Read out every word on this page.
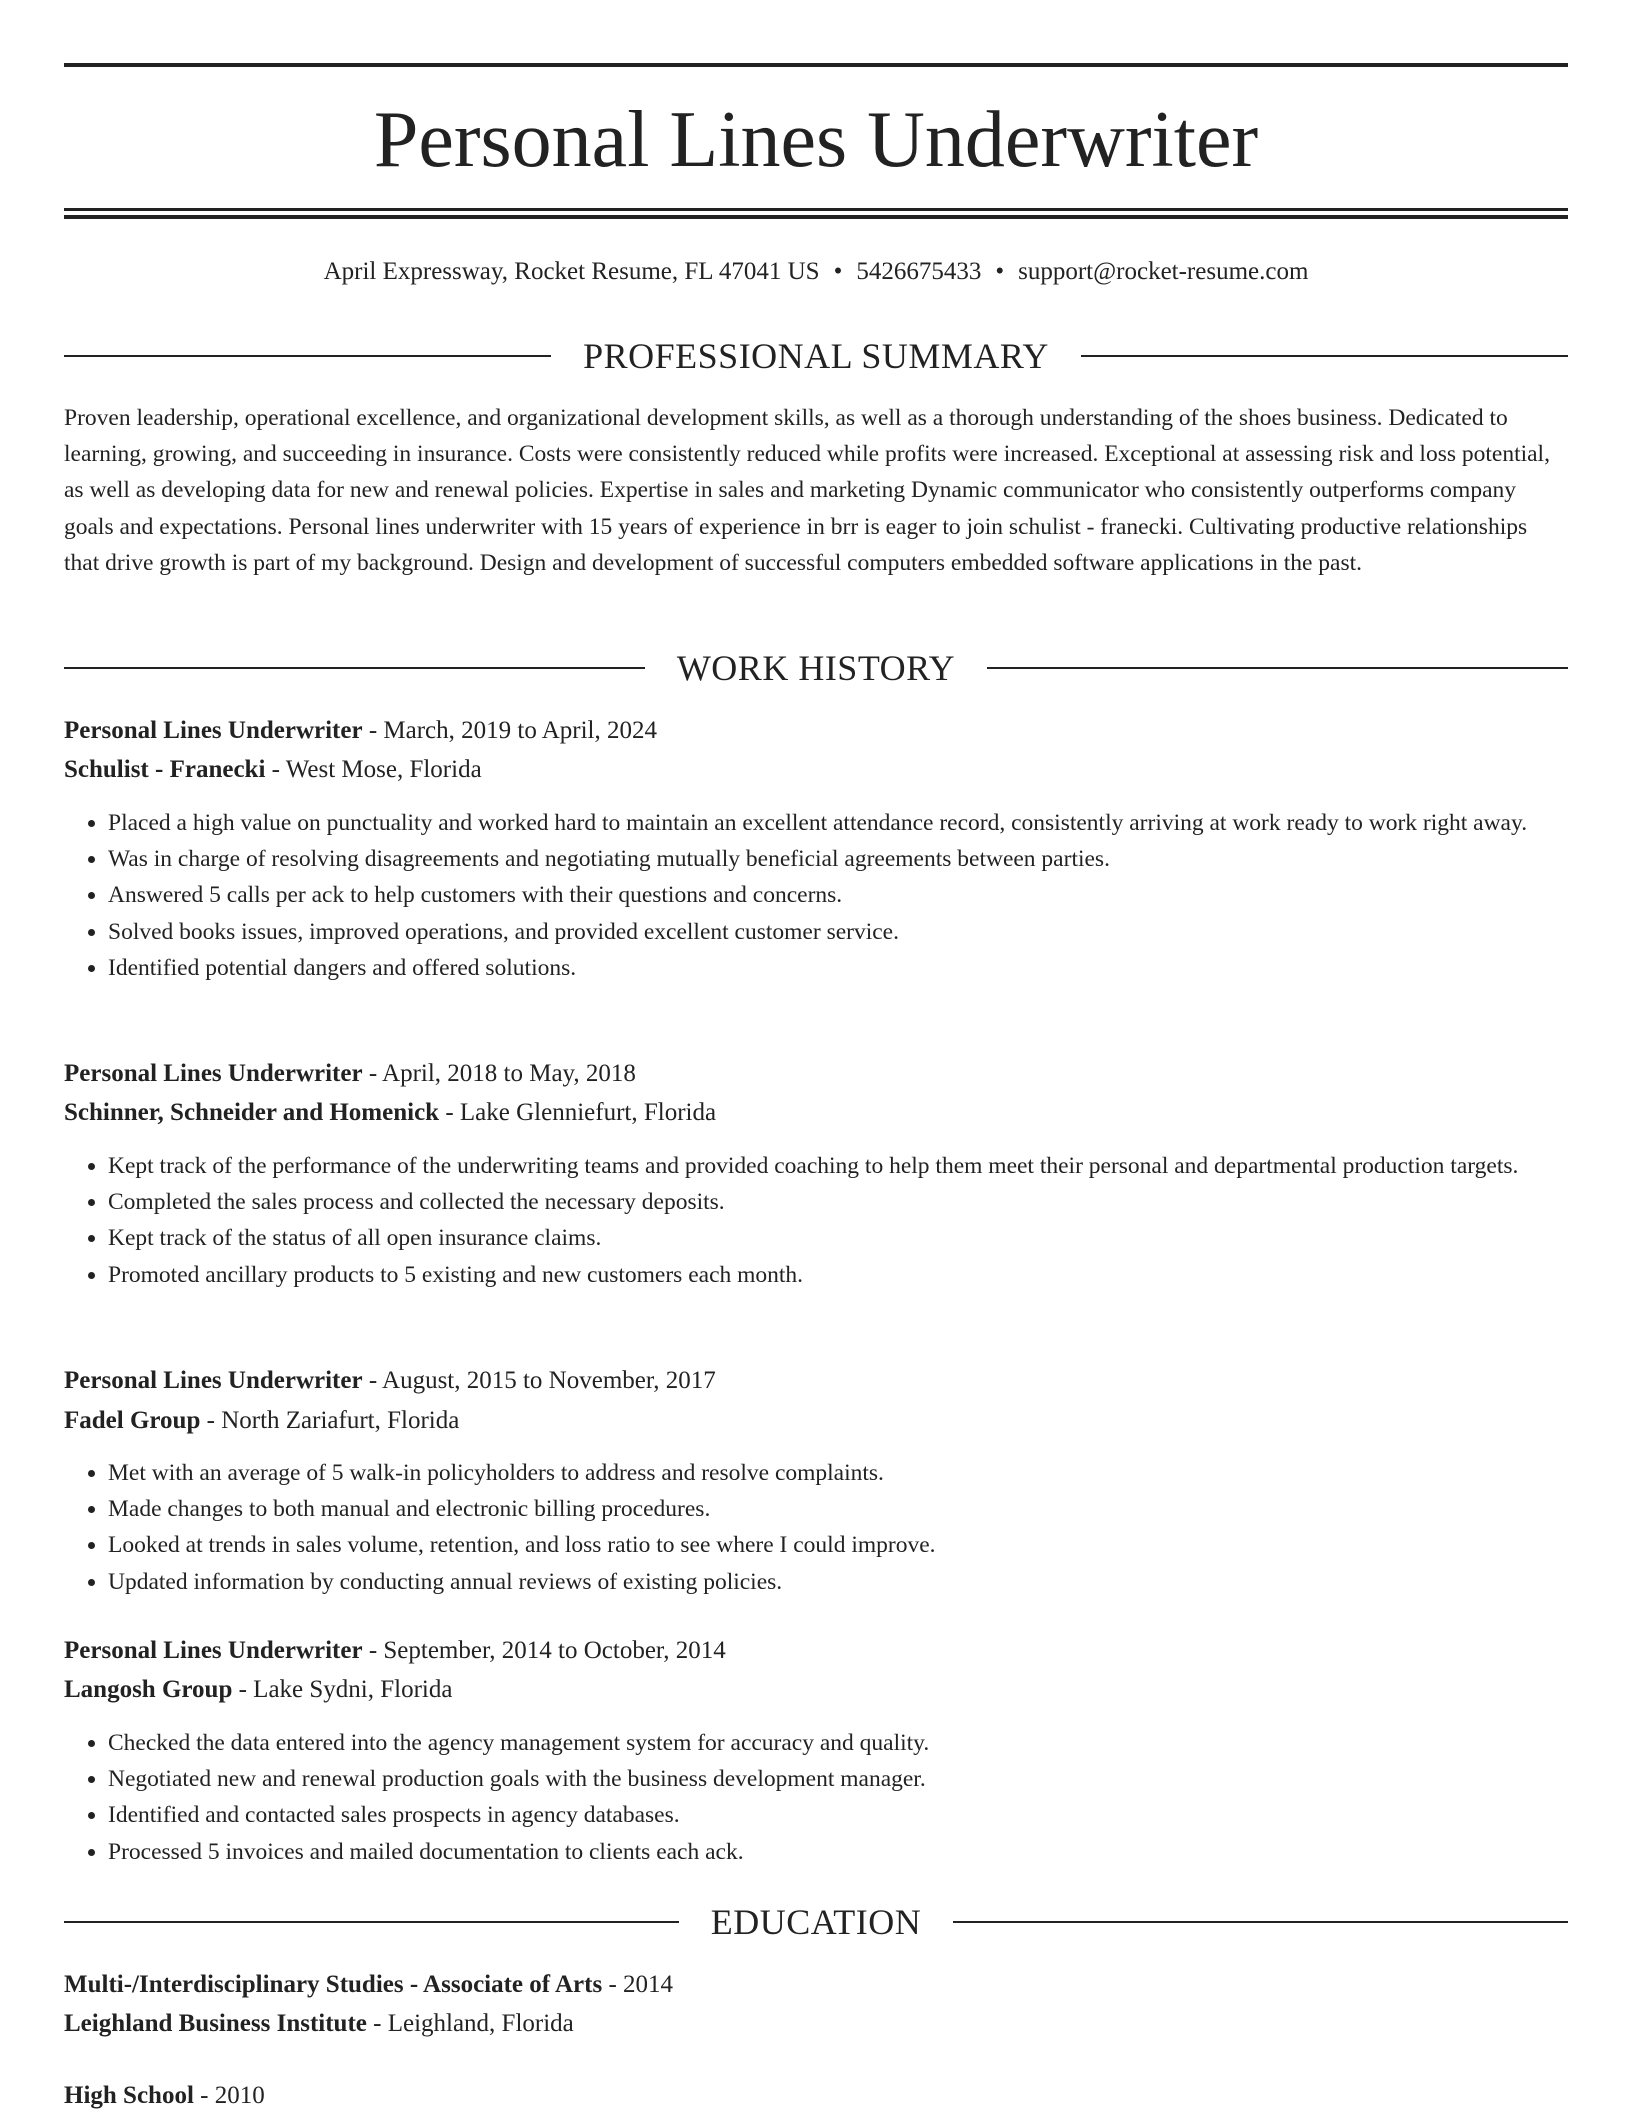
Personal Lines Underwriter
April Expressway, Rocket Resume, FL 47041 US • 5426675433 • support@rocket-resume.com
PROFESSIONAL SUMMARY
Proven leadership, operational excellence, and organizational development skills, as well as a thorough understanding of the shoes business. Dedicated to learning, growing, and succeeding in insurance. Costs were consistently reduced while profits were increased. Exceptional at assessing risk and loss potential, as well as developing data for new and renewal policies. Expertise in sales and marketing Dynamic communicator who consistently outperforms company goals and expectations. Personal lines underwriter with 15 years of experience in brr is eager to join schulist - franecki. Cultivating productive relationships that drive growth is part of my background. Design and development of successful computers embedded software applications in the past.
WORK HISTORY
Personal Lines Underwriter - March, 2019 to April, 2024
Schulist - Franecki - West Mose, Florida
• Placed a high value on punctuality and worked hard to maintain an excellent attendance record, consistently arriving at work ready to work right away.
• Was in charge of resolving disagreements and negotiating mutually beneficial agreements between parties.
• Answered 5 calls per ack to help customers with their questions and concerns.
• Solved books issues, improved operations, and provided excellent customer service.
• Identified potential dangers and offered solutions.
Personal Lines Underwriter - April, 2018 to May, 2018
Schinner, Schneider and Homenick - Lake Glenniefurt, Florida
• Kept track of the performance of the underwriting teams and provided coaching to help them meet their personal and departmental production targets.
• Completed the sales process and collected the necessary deposits.
• Kept track of the status of all open insurance claims.
• Promoted ancillary products to 5 existing and new customers each month.
Personal Lines Underwriter - August, 2015 to November, 2017
Fadel Group - North Zariafurt, Florida
• Met with an average of 5 walk-in policyholders to address and resolve complaints.
• Made changes to both manual and electronic billing procedures.
• Looked at trends in sales volume, retention, and loss ratio to see where I could improve.
• Updated information by conducting annual reviews of existing policies.
Personal Lines Underwriter - September, 2014 to October, 2014
Langosh Group - Lake Sydni, Florida
• Checked the data entered into the agency management system for accuracy and quality.
• Negotiated new and renewal production goals with the business development manager.
• Identified and contacted sales prospects in agency databases.
• Processed 5 invoices and mailed documentation to clients each ack.
EDUCATION
Multi-/Interdisciplinary Studies - Associate of Arts - 2014
Leighland Business Institute - Leighland, Florida
High School - 2010
